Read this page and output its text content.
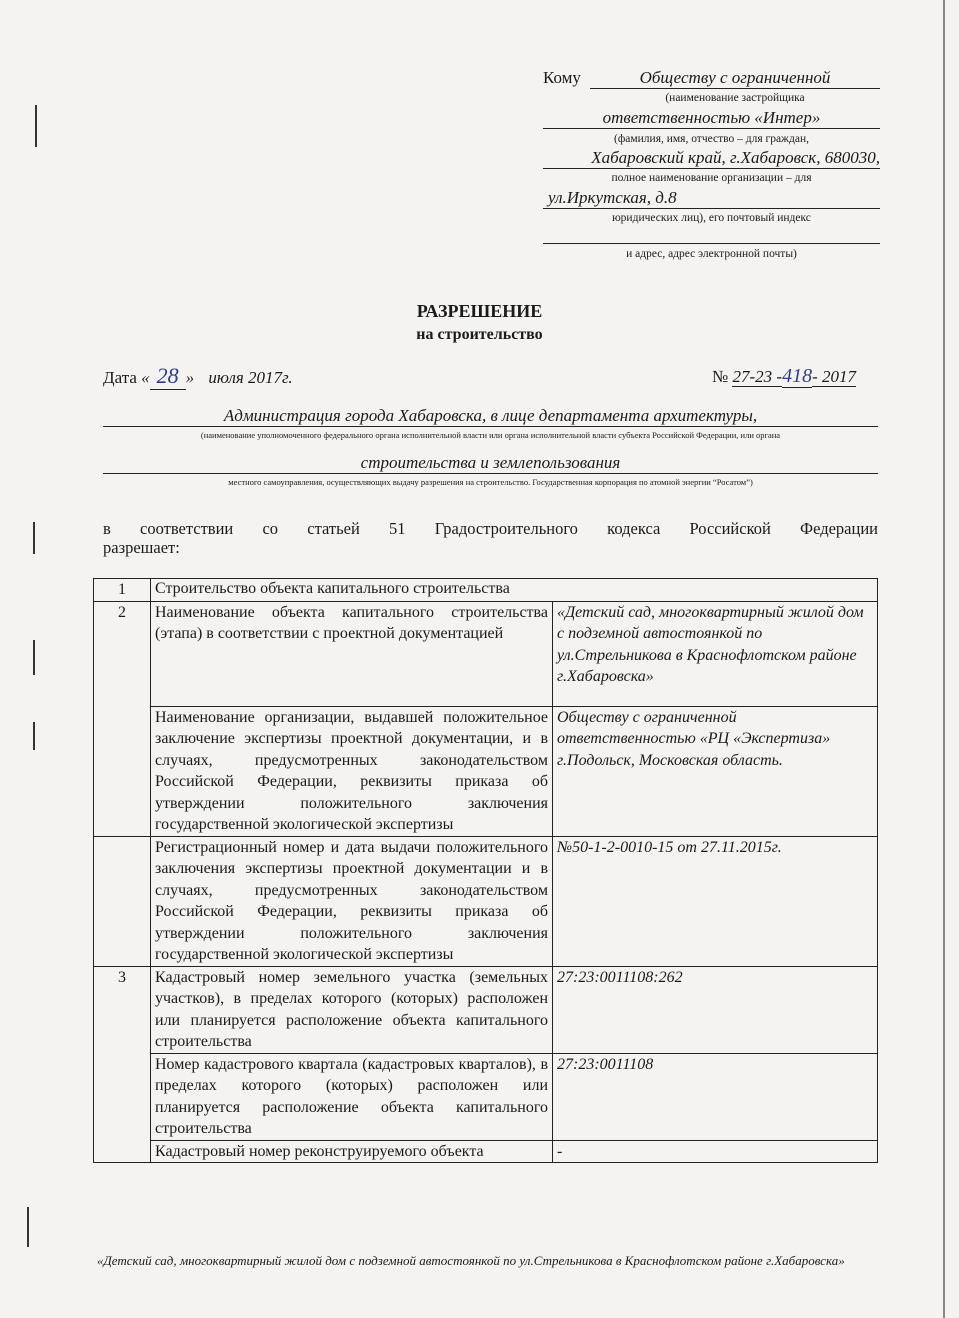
Кому	Обществу с ограниченной
(наименование застройщика
ответственностью «Интер»
(фамилия, имя, отчество – для граждан,
Хабаровский край, г.Хабаровск, 680030,
полное наименование организации – для
ул.Иркутская, д.8
юридических лиц), его почтовый индекс
и адрес, адрес электронной почты)
РАЗРЕШЕНИЕ
на строительство
Дата « 28 » июля 2017г.	№ 27-23 -418- 2017
Администрация города Хабаровска, в лице департамента архитектуры,
(наименование уполномоченного федерального органа исполнительной власти или органа исполнительной власти субъекта Российской Федерации, или органа
строительства и землепользования
местного самоуправления, осуществляющих выдачу разрешения на строительство. Государственная корпорация по атомной энергии “Росатом”)
в соответствии со статьей 51 Градостроительного кодекса Российской Федерации
разрешает:
1	Строительство объекта капитального строительства	
2	Наименование объекта капитального строительства (этапа) в соответствии с проектной документацией	«Детский сад, многоквартирный жилой дом с подземной автостоянкой по ул.Стрельникова в Краснофлотском районе г.Хабаровска»
	Наименование организации, выдавшей положительное заключение экспертизы проектной документации, и в случаях, предусмотренных законодательством Российской Федерации, реквизиты приказа об утверждении положительного заключения государственной экологической экспертизы	Обществу с ограниченной ответственностью «РЦ «Экспертиза»
г.Подольск, Московская область.

	Регистрационный номер и дата выдачи положительного заключения экспертизы проектной документации и в случаях, предусмотренных законодательством Российской Федерации, реквизиты приказа об утверждении положительного заключения государственной экологической экспертизы	№50-1-2-0010-15 от 27.11.2015г.
3	Кадастровый номер земельного участка (земельных участков), в пределах которого (которых) расположен или планируется расположение объекта капитального строительства	27:23:0011108:262
	Номер кадастрового квартала (кадастровых кварталов), в пределах которого (которых) расположен или планируется расположение объекта капитального строительства	27:23:0011108
	Кадастровый номер реконструируемого объекта	-
«Детский сад, многоквартирный жилой дом с подземной автостоянкой по ул.Стрельникова в Краснофлотском районе г.Хабаровска»
